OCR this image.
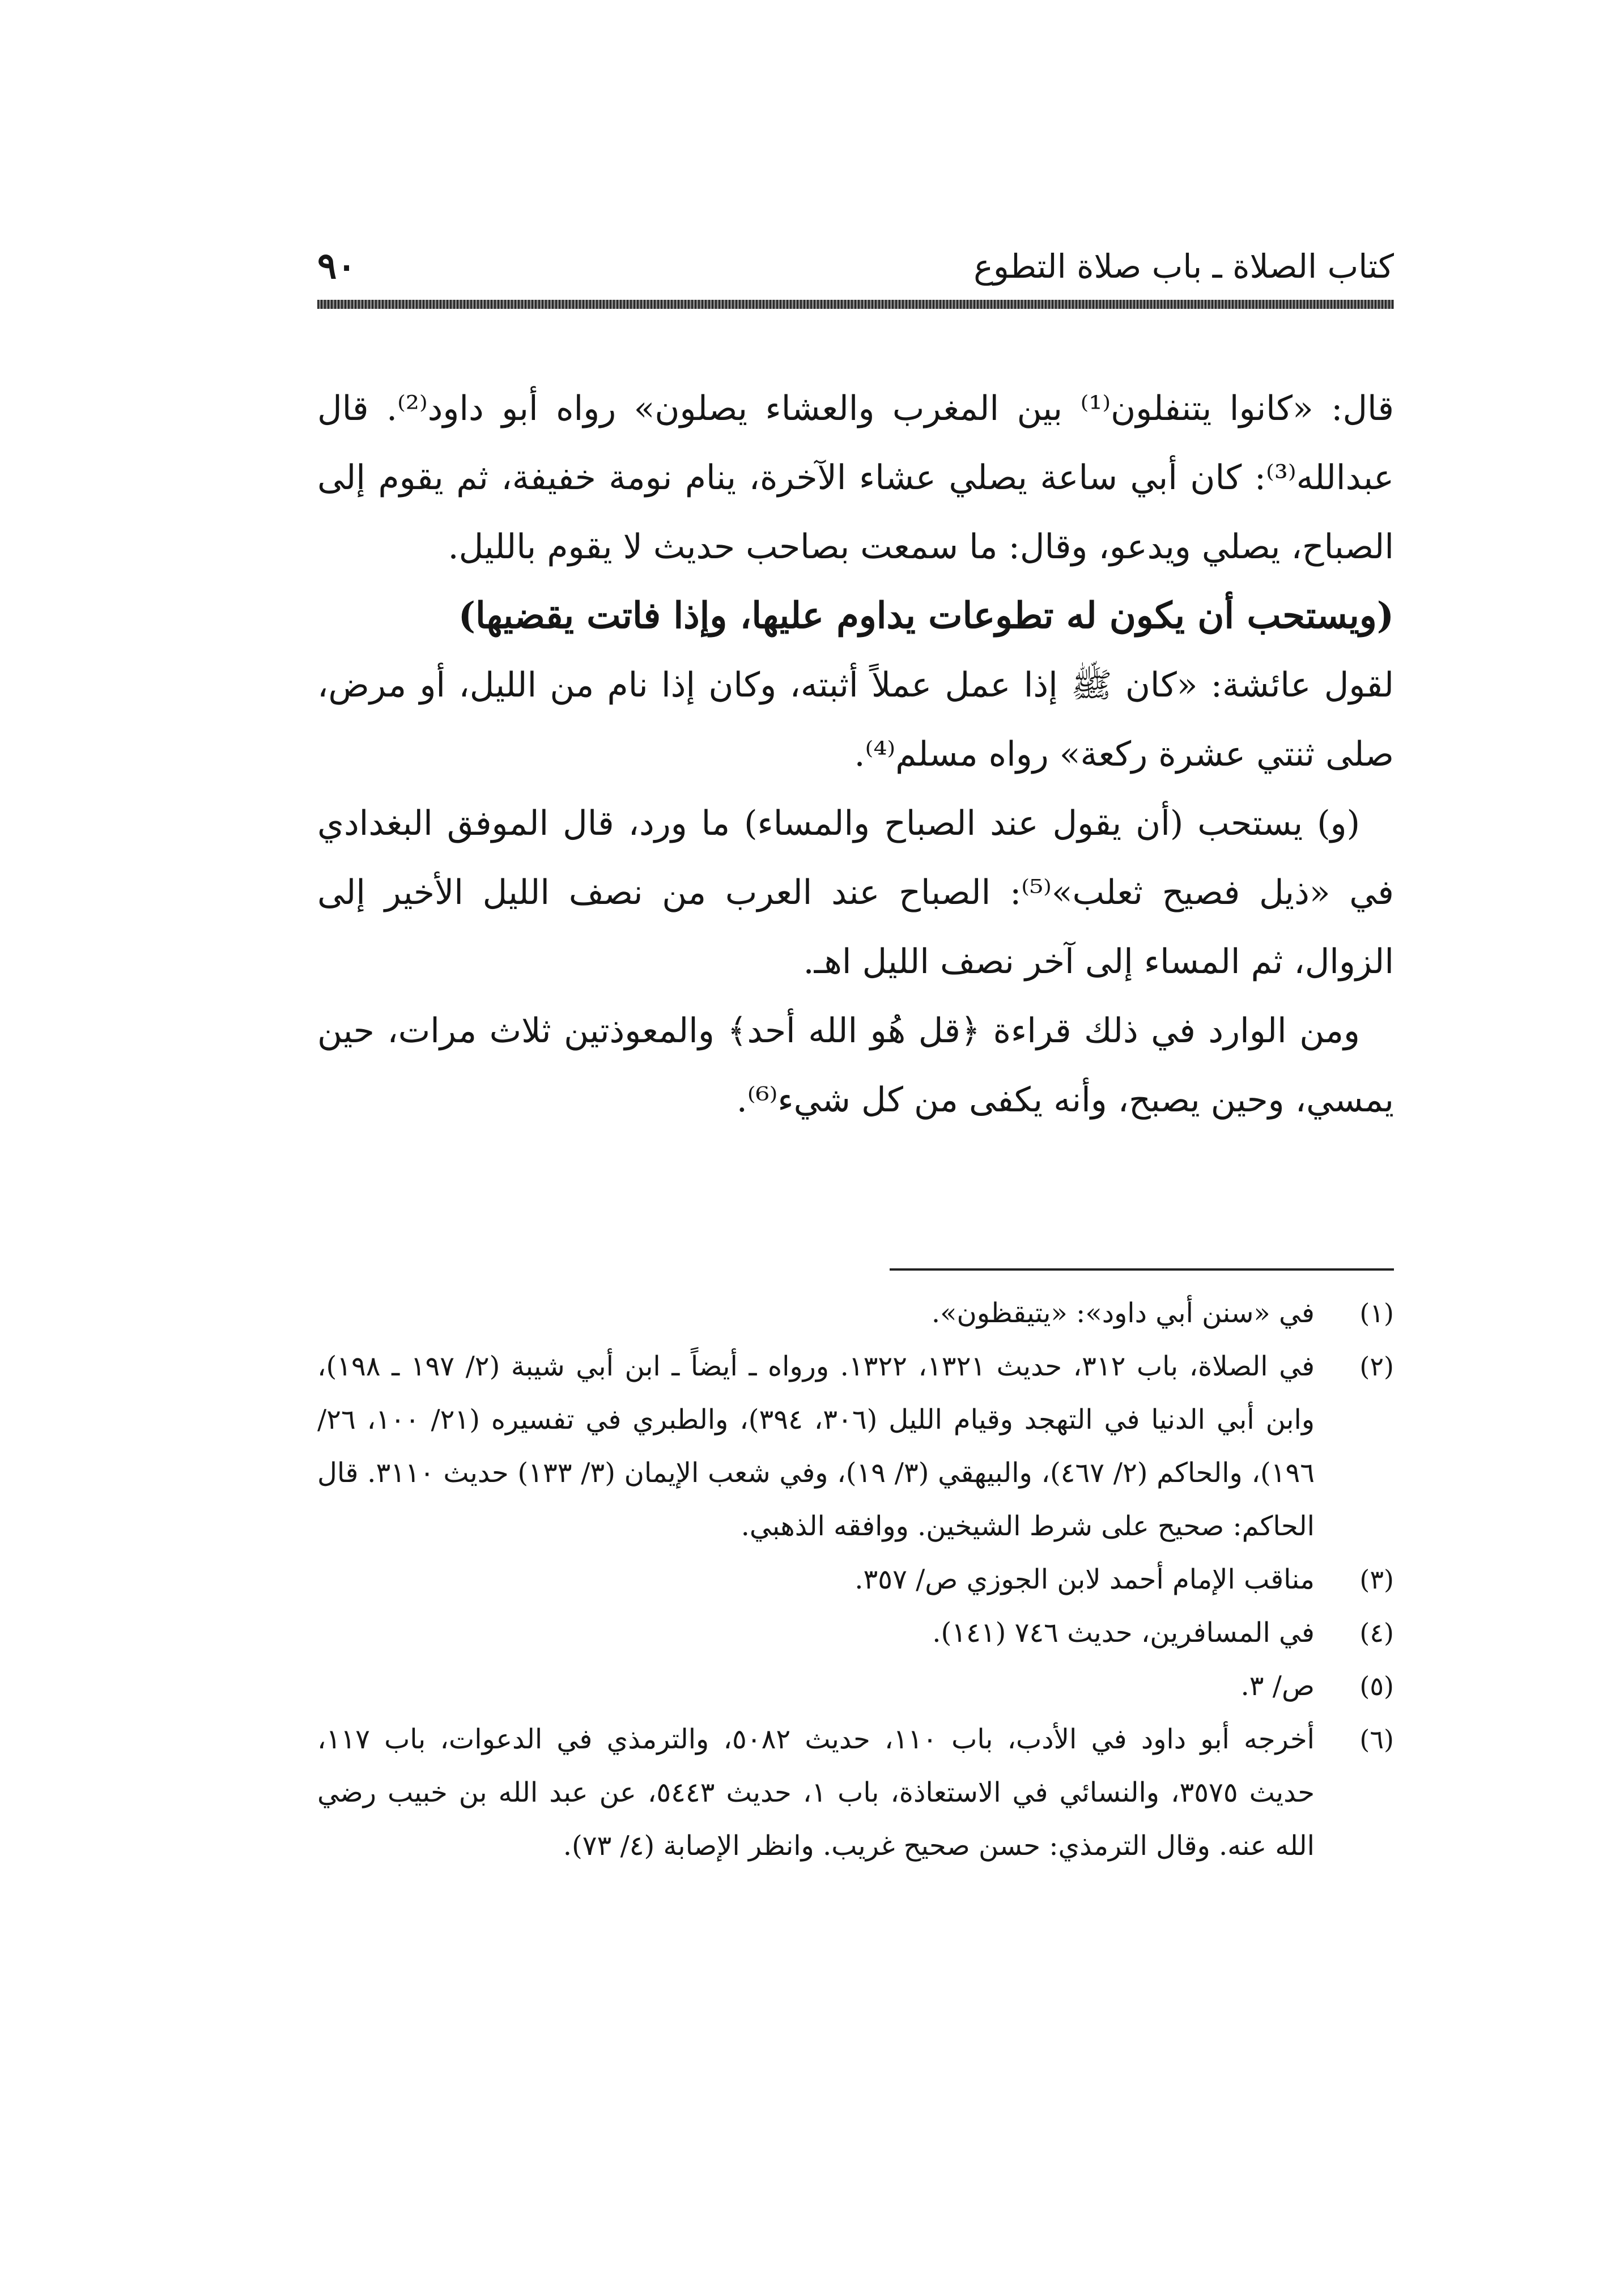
كتاب الصلاة ـ باب صلاة التطوع
٩٠

قال: «كانوا يتنفلون⁽¹⁾ بين المغرب والعشاء يصلون» رواه أبو داود⁽²⁾. قال عبدالله⁽³⁾: كان أبي ساعة يصلي عشاء الآخرة، ينام نومة خفيفة، ثم يقوم إلى الصباح، يصلي ويدعو، وقال: ما سمعت بصاحب حديث لا يقوم بالليل.

(ويستحب أن يكون له تطوعات يداوم عليها، وإذا فاتت يقضيها)

لقول عائشة: «كان ﷺ إذا عمل عملاً أثبته، وكان إذا نام من الليل، أو مرض، صلى ثنتي عشرة ركعة» رواه مسلم⁽⁴⁾.

(و) يستحب (أن يقول عند الصباح والمساء) ما ورد، قال الموفق البغدادي في «ذيل فصيح ثعلب»⁽⁵⁾: الصباح عند العرب من نصف الليل الأخير إلى الزوال، ثم المساء إلى آخر نصف الليل اهـ.

ومن الوارد في ذلك قراءة ﴿قل هُو الله أحد﴾ والمعوذتين ثلاث مرات، حين يمسي، وحين يصبح، وأنه يكفى من كل شيء⁽⁶⁾.

(١)
في «سنن أبي داود»: «يتيقظون».
(٢)
في الصلاة، باب ٣١٢، حديث ١٣٢١، ١٣٢٢. ورواه ـ أيضاً ـ ابن أبي شيبة (٢/ ١٩٧ ـ ١٩٨)، وابن أبي الدنيا في التهجد وقيام الليل (٣٠٦، ٣٩٤)، والطبري في تفسيره (٢١/ ١٠٠، ٢٦/ ١٩٦)، والحاكم (٢/ ٤٦٧)، والبيهقي (٣/ ١٩)، وفي شعب الإيمان (٣/ ١٣٣) حديث ٣١١٠. قال الحاكم: صحيح على شرط الشيخين. ووافقه الذهبي.
(٣)
مناقب الإمام أحمد لابن الجوزي ص/ ٣٥٧.
(٤)
في المسافرين، حديث ٧٤٦ (١٤١).
(٥)
ص/ ٣.
(٦)
أخرجه أبو داود في الأدب، باب ١١٠، حديث ٥٠٨٢، والترمذي في الدعوات، باب ١١٧، حديث ٣٥٧٥، والنسائي في الاستعاذة، باب ١، حديث ٥٤٤٣، عن عبد الله بن خبيب رضي الله عنه. وقال الترمذي: حسن صحيح غريب. وانظر الإصابة (٤/ ٧٣).
